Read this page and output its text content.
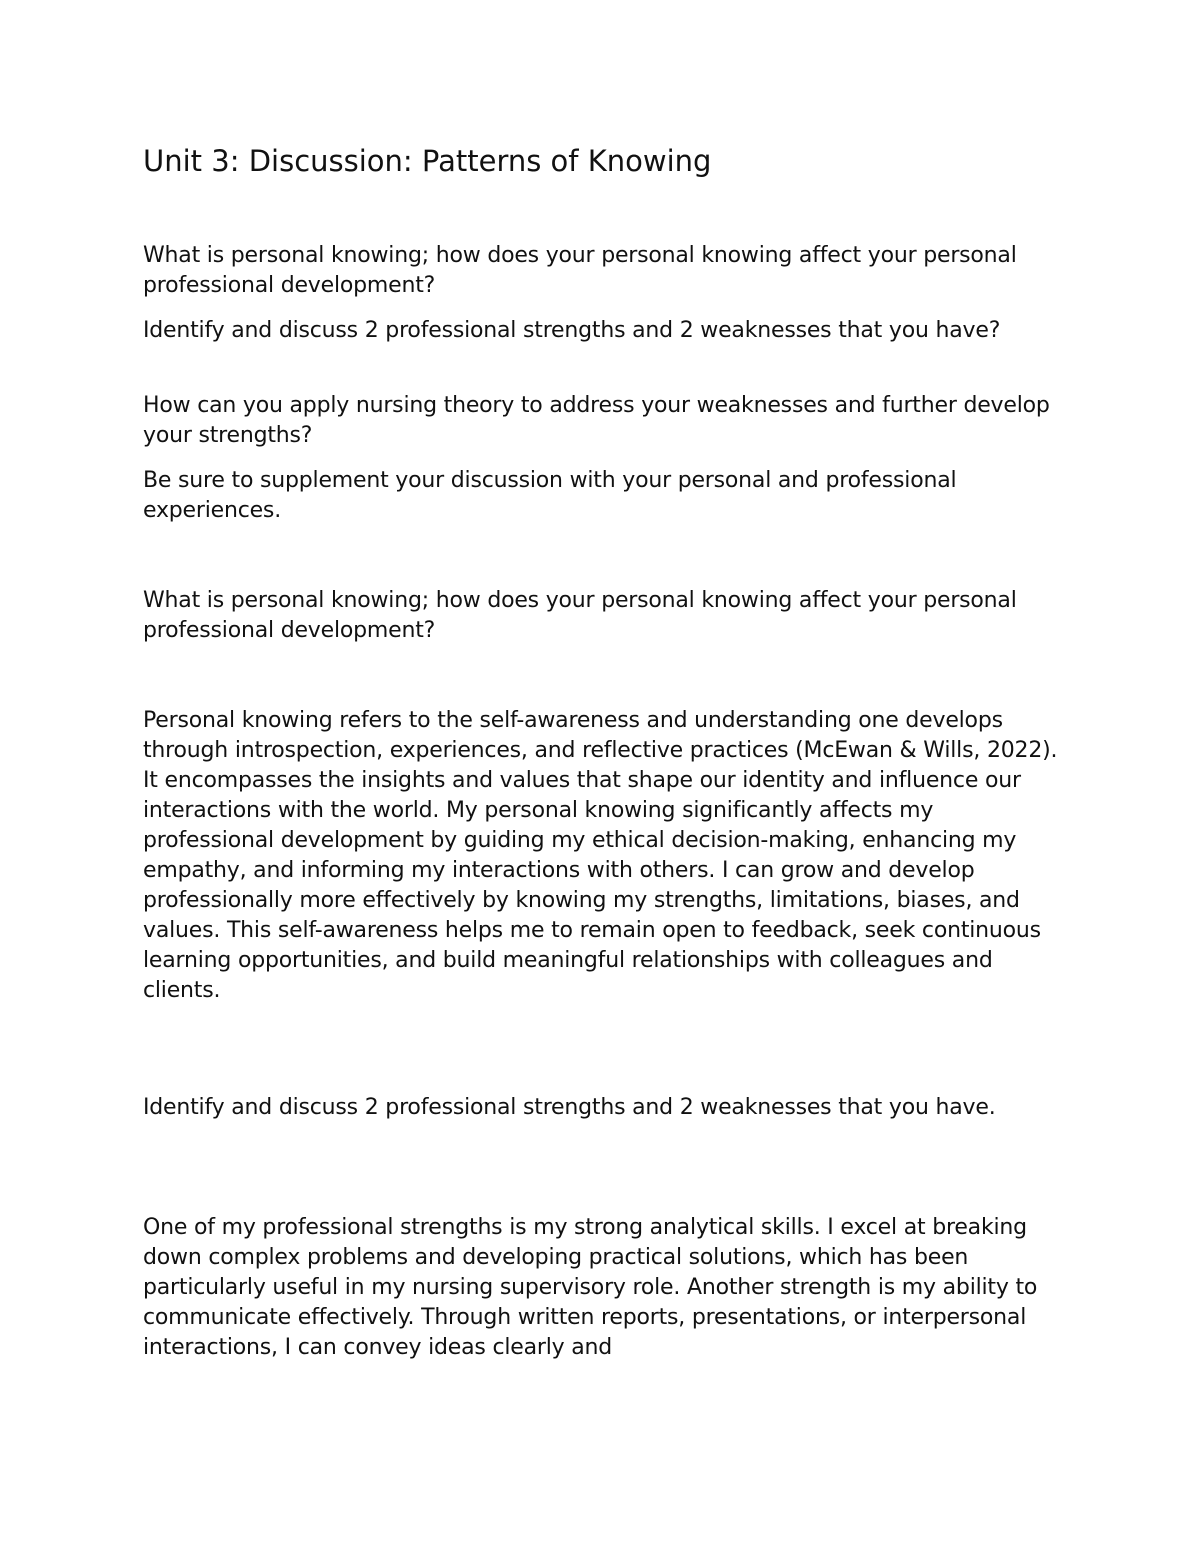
Unit 3: Discussion: Patterns of Knowing

What is personal knowing; how does your personal knowing affect your personal professional development?

Identify and discuss 2 professional strengths and 2 weaknesses that you have?

How can you apply nursing theory to address your weaknesses and further develop your strengths?

Be sure to supplement your discussion with your personal and professional experiences.

What is personal knowing; how does your personal knowing affect your personal professional development?

Personal knowing refers to the self-awareness and understanding one develops through introspection, experiences, and reflective practices (McEwan & Wills, 2022). It encompasses the insights and values that shape our identity and influence our interactions with the world. My personal knowing significantly affects my professional development by guiding my ethical decision-making, enhancing my empathy, and informing my interactions with others. I can grow and develop professionally more effectively by knowing my strengths, limitations, biases, and values. This self-awareness helps me to remain open to feedback, seek continuous learning opportunities, and build meaningful relationships with colleagues and clients.

Identify and discuss 2 professional strengths and 2 weaknesses that you have.

One of my professional strengths is my strong analytical skills. I excel at breaking down complex problems and developing practical solutions, which has been particularly useful in my nursing supervisory role. Another strength is my ability to communicate effectively. Through written reports, presentations, or interpersonal interactions, I can convey ideas clearly and
